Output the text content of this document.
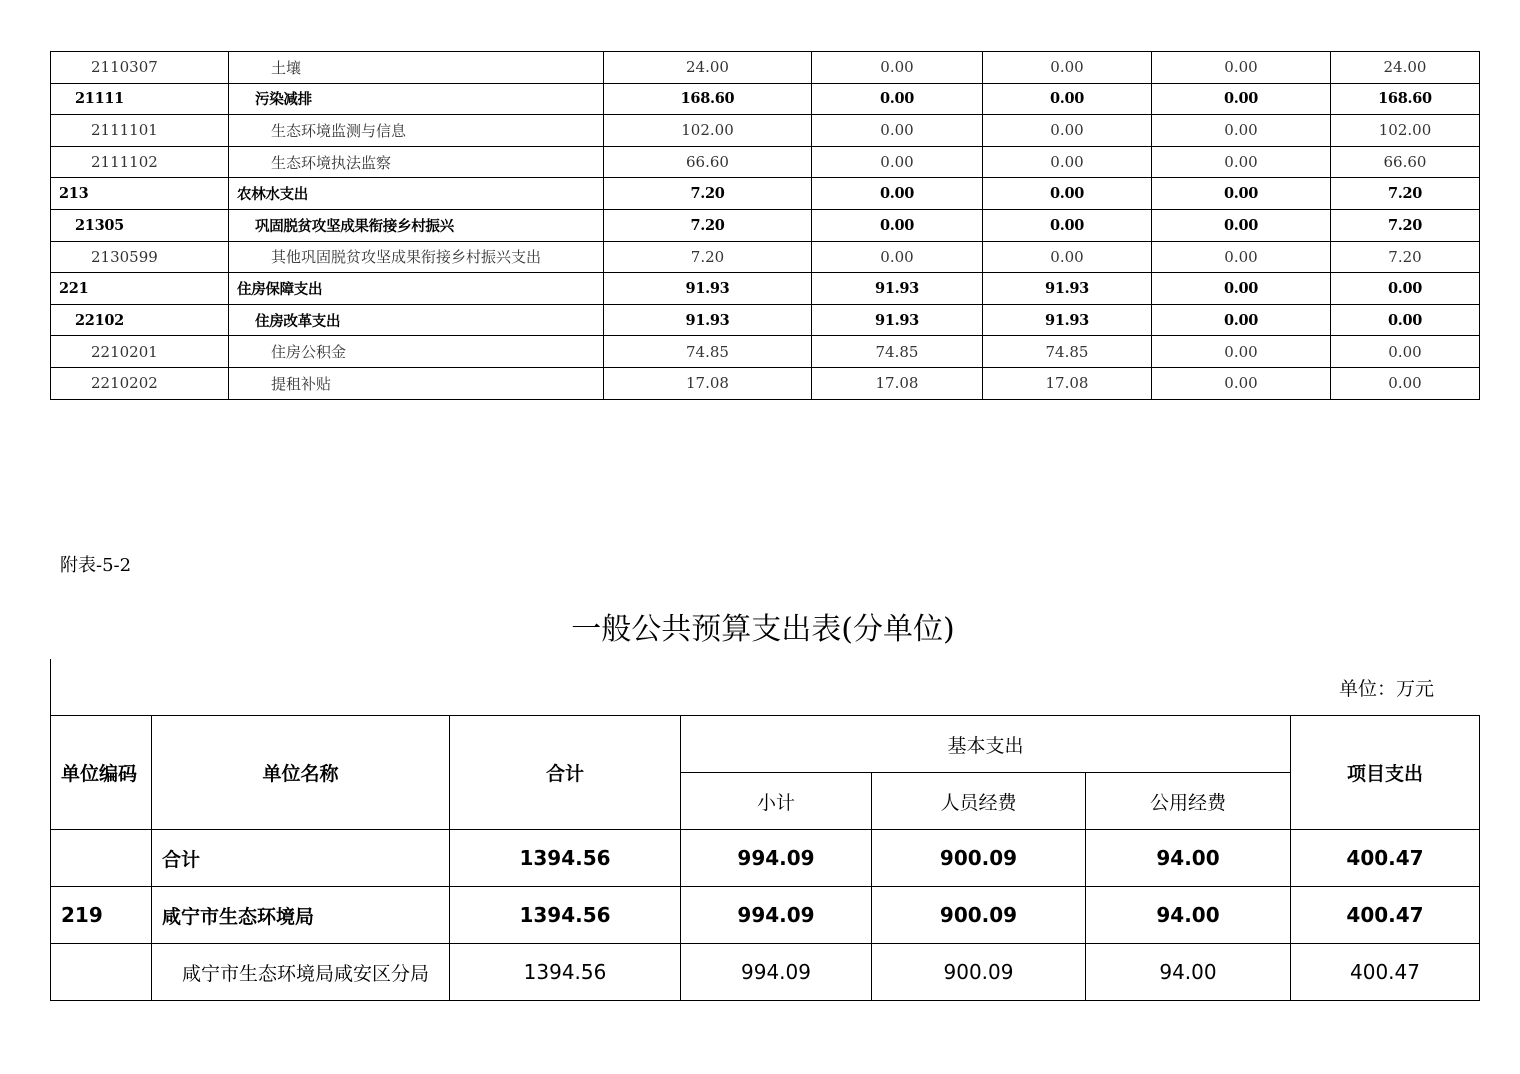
2110307	土壤	24.00	0.00	0.00	0.00	24.00
21111	污染减排	168.60	0.00	0.00	0.00	168.60
2111101	生态环境监测与信息	102.00	0.00	0.00	0.00	102.00
2111102	生态环境执法监察	66.60	0.00	0.00	0.00	66.60
213	农林水支出	7.20	0.00	0.00	0.00	7.20
21305	巩固脱贫攻坚成果衔接乡村振兴	7.20	0.00	0.00	0.00	7.20
2130599	其他巩固脱贫攻坚成果衔接乡村振兴支出	7.20	0.00	0.00	0.00	7.20
221	住房保障支出	91.93	91.93	91.93	0.00	0.00
22102	住房改革支出	91.93	91.93	91.93	0.00	0.00
2210201	住房公积金	74.85	74.85	74.85	0.00	0.00
2210202	提租补贴	17.08	17.08	17.08	0.00	0.00
附表-5-2
一般公共预算支出表(分单位)
单位：万元
单位编码	单位名称	合计	基本支出			项目支出
			小计	人员经费	公用经费	
	合计	1394.56	994.09	900.09	94.00	400.47
219	咸宁市生态环境局	1394.56	994.09	900.09	94.00	400.47
	咸宁市生态环境局咸安区分局	1394.56	994.09	900.09	94.00	400.47
